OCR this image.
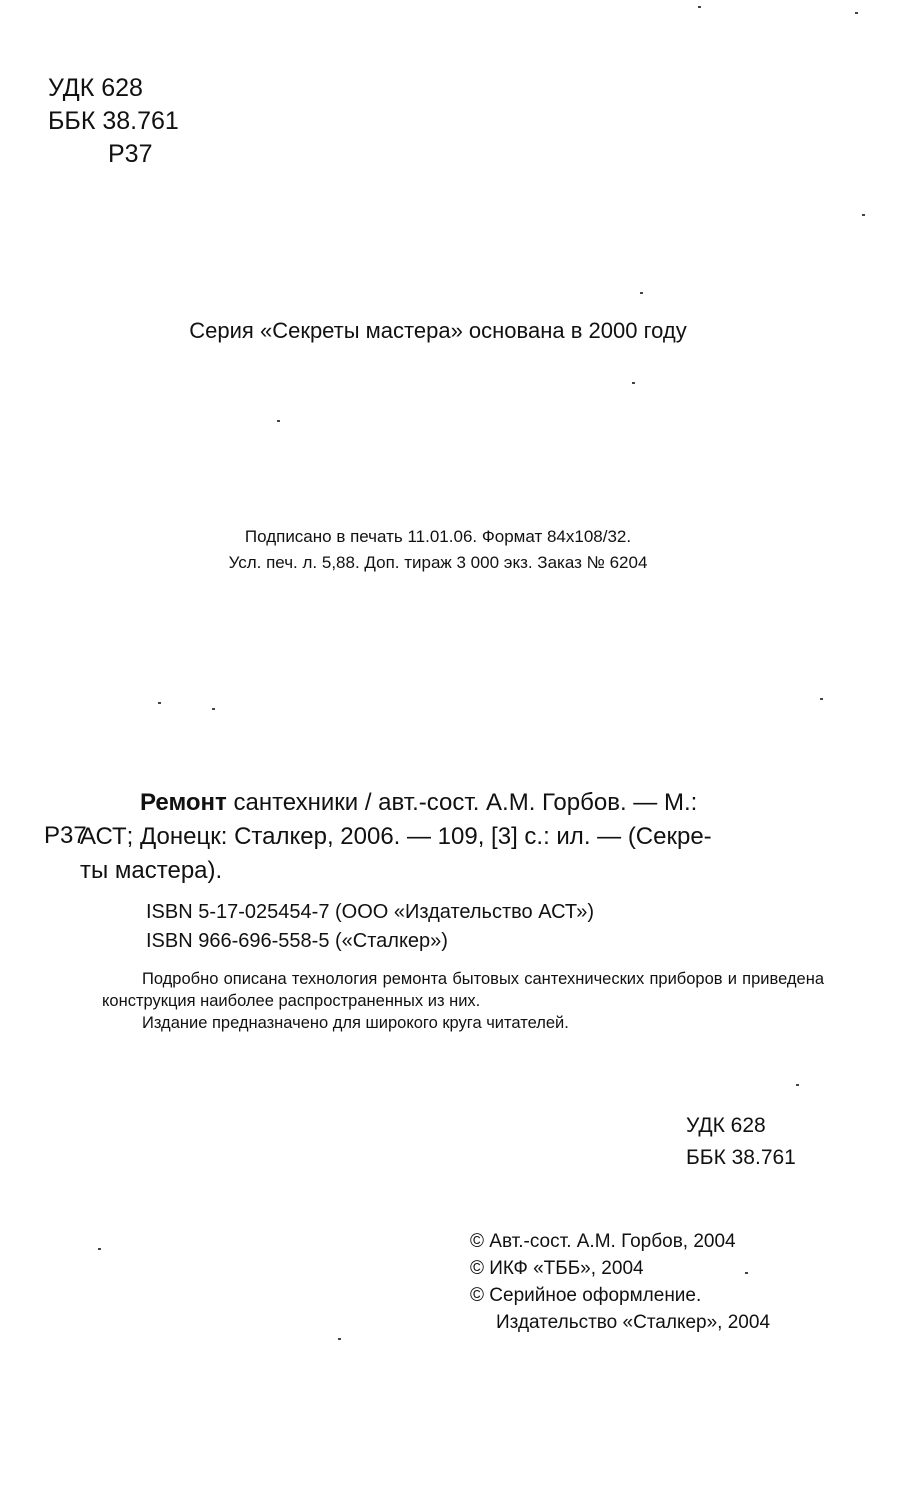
УДК 628
ББК 38.761
Р37
Серия «Секреты мастера» основана в 2000 году
Подписано в печать 11.01.06. Формат 84x108/32.
Усл. печ. л. 5,88. Доп. тираж 3 000 экз. Заказ № 6204
Р37
Ремонт сантехники / авт.-сост. А.М. Горбов. — М.:
АСТ; Донецк: Сталкер, 2006. — 109, [3] с.: ил. — (Секре-
ты мастера).
ISBN 5-17-025454-7 (ООО «Издательство АСТ»)
ISBN 966-696-558-5 («Сталкер»)

Подробно описана технология ремонта бытовых сантехнических приборов и приведена конструкция наиболее распространенных из них.

Издание предназначено для широкого круга читателей.

УДК 628
ББК 38.761
© Авт.-сост. А.М. Горбов, 2004
© ИКФ «ТББ», 2004
© Серийное оформление.
Издательство «Сталкер», 2004
